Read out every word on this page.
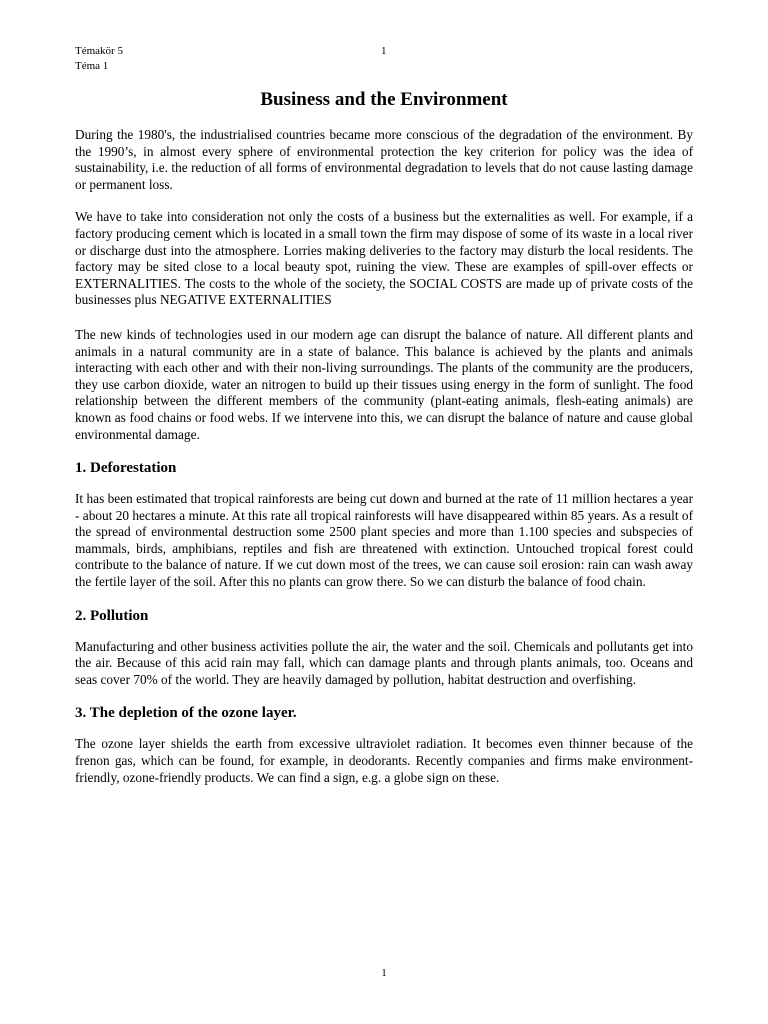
Témakör 5
Téma 1
1
Business and the Environment

During the 1980's, the industrialised countries became more conscious of the degradation of the environment. By the 1990’s, in almost every sphere of environmental protection the key criterion for policy was the idea of sustainability, i.e. the reduction of all forms of environmental degradation to levels that do not cause lasting damage or permanent loss.

We have to take into consideration not only the costs of a business but the externalities as well. For example, if a factory producing cement which is located in a small town the firm may dispose of some of its waste in a local river or discharge dust into the atmosphere. Lorries making deliveries to the factory may disturb the local residents. The factory may be sited close to a local beauty spot, ruining the view. These are examples of spill-over effects or EXTERNALITIES. The costs to the whole of the society, the SOCIAL COSTS are made up of private costs of the businesses plus NEGATIVE EXTERNALITIES

The new kinds of technologies used in our modern age can disrupt the balance of nature. All different plants and animals in a natural community are in a state of balance. This balance is achieved by the plants and animals interacting with each other and with their non-living surroundings. The plants of the community are the producers, they use carbon dioxide, water an nitrogen to build up their tissues using energy in the form of sunlight. The food relationship between the different members of the community (plant-eating animals, flesh-eating animals) are known as food chains or food webs. If we intervene into this, we can disrupt the balance of nature and cause global environmental damage.

1. Deforestation

It has been estimated that tropical rainforests are being cut down and burned at the rate of 11 million hectares a year - about 20 hectares a minute. At this rate all tropical rainforests will have disappeared within 85 years. As a result of the spread of environmental destruction some 2500 plant species and more than 1.100 species and subspecies of mammals, birds, amphibians, reptiles and fish are threatened with extinction. Untouched tropical forest could contribute to the balance of nature. If we cut down most of the trees, we can cause soil erosion: rain can wash away the fertile layer of the soil. After this no plants can grow there. So we can disturb the balance of food chain.

2. Pollution

Manufacturing and other business activities pollute the air, the water and the soil. Chemicals and pollutants get into the air. Because of this acid rain may fall, which can damage plants and through plants animals, too. Oceans and seas cover 70% of the world. They are heavily damaged by pollution, habitat destruction and overfishing.

3. The depletion of the ozone layer.

The ozone layer shields the earth from excessive ultraviolet radiation. It becomes even thinner because of the frenon gas, which can be found, for example, in deodorants. Recently companies and firms make environment-friendly, ozone-friendly products. We can find a sign, e.g. a globe sign on these.

1
